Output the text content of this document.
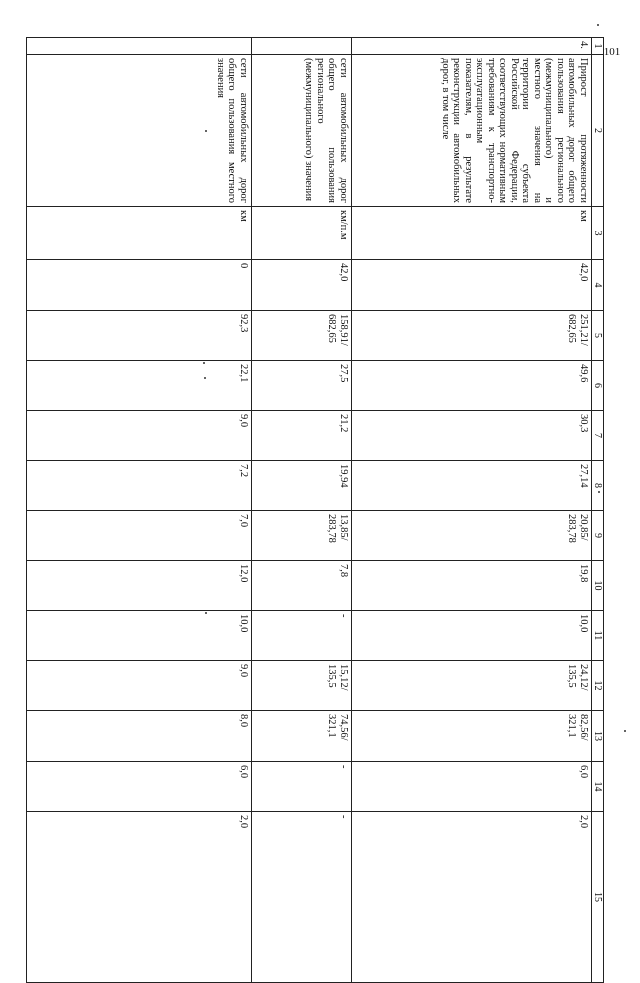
101
1	2	3	4	5	6	7	8	9	10	11	12	13	14	15
4.	Прирост протяженности автомобильных дорог общего пользования регионального (межмуниципального) и местного значения на территории субъекта Российской Федерации, соответствующих нормативным требованиям к транспортно-эксплуатационным показателям, в результате реконструкции автомобильных дорог, в том числе	км	42,0	251,21/ 682,65	49,6	30,3	27,14	20,85/ 283,78	19,8	10,0	24,12/ 135,5	82,56/ 321,1	6,0	2,0
	сети автомобильных дорог общего пользования регионального (межмуниципального) значения	км/п.м	42,0	158,91/ 682,65	27,5	21,2	19,94	13,85/ 283,78	7,8	-	15,12/ 135,5	74,56/ 321,1	-	-
	сети автомобильных дорог общего пользования местного значения	км	0	92,3	22,1	9,0	7,2	7,0	12,0	10,0	9,0	8,0	6,0	2,0
